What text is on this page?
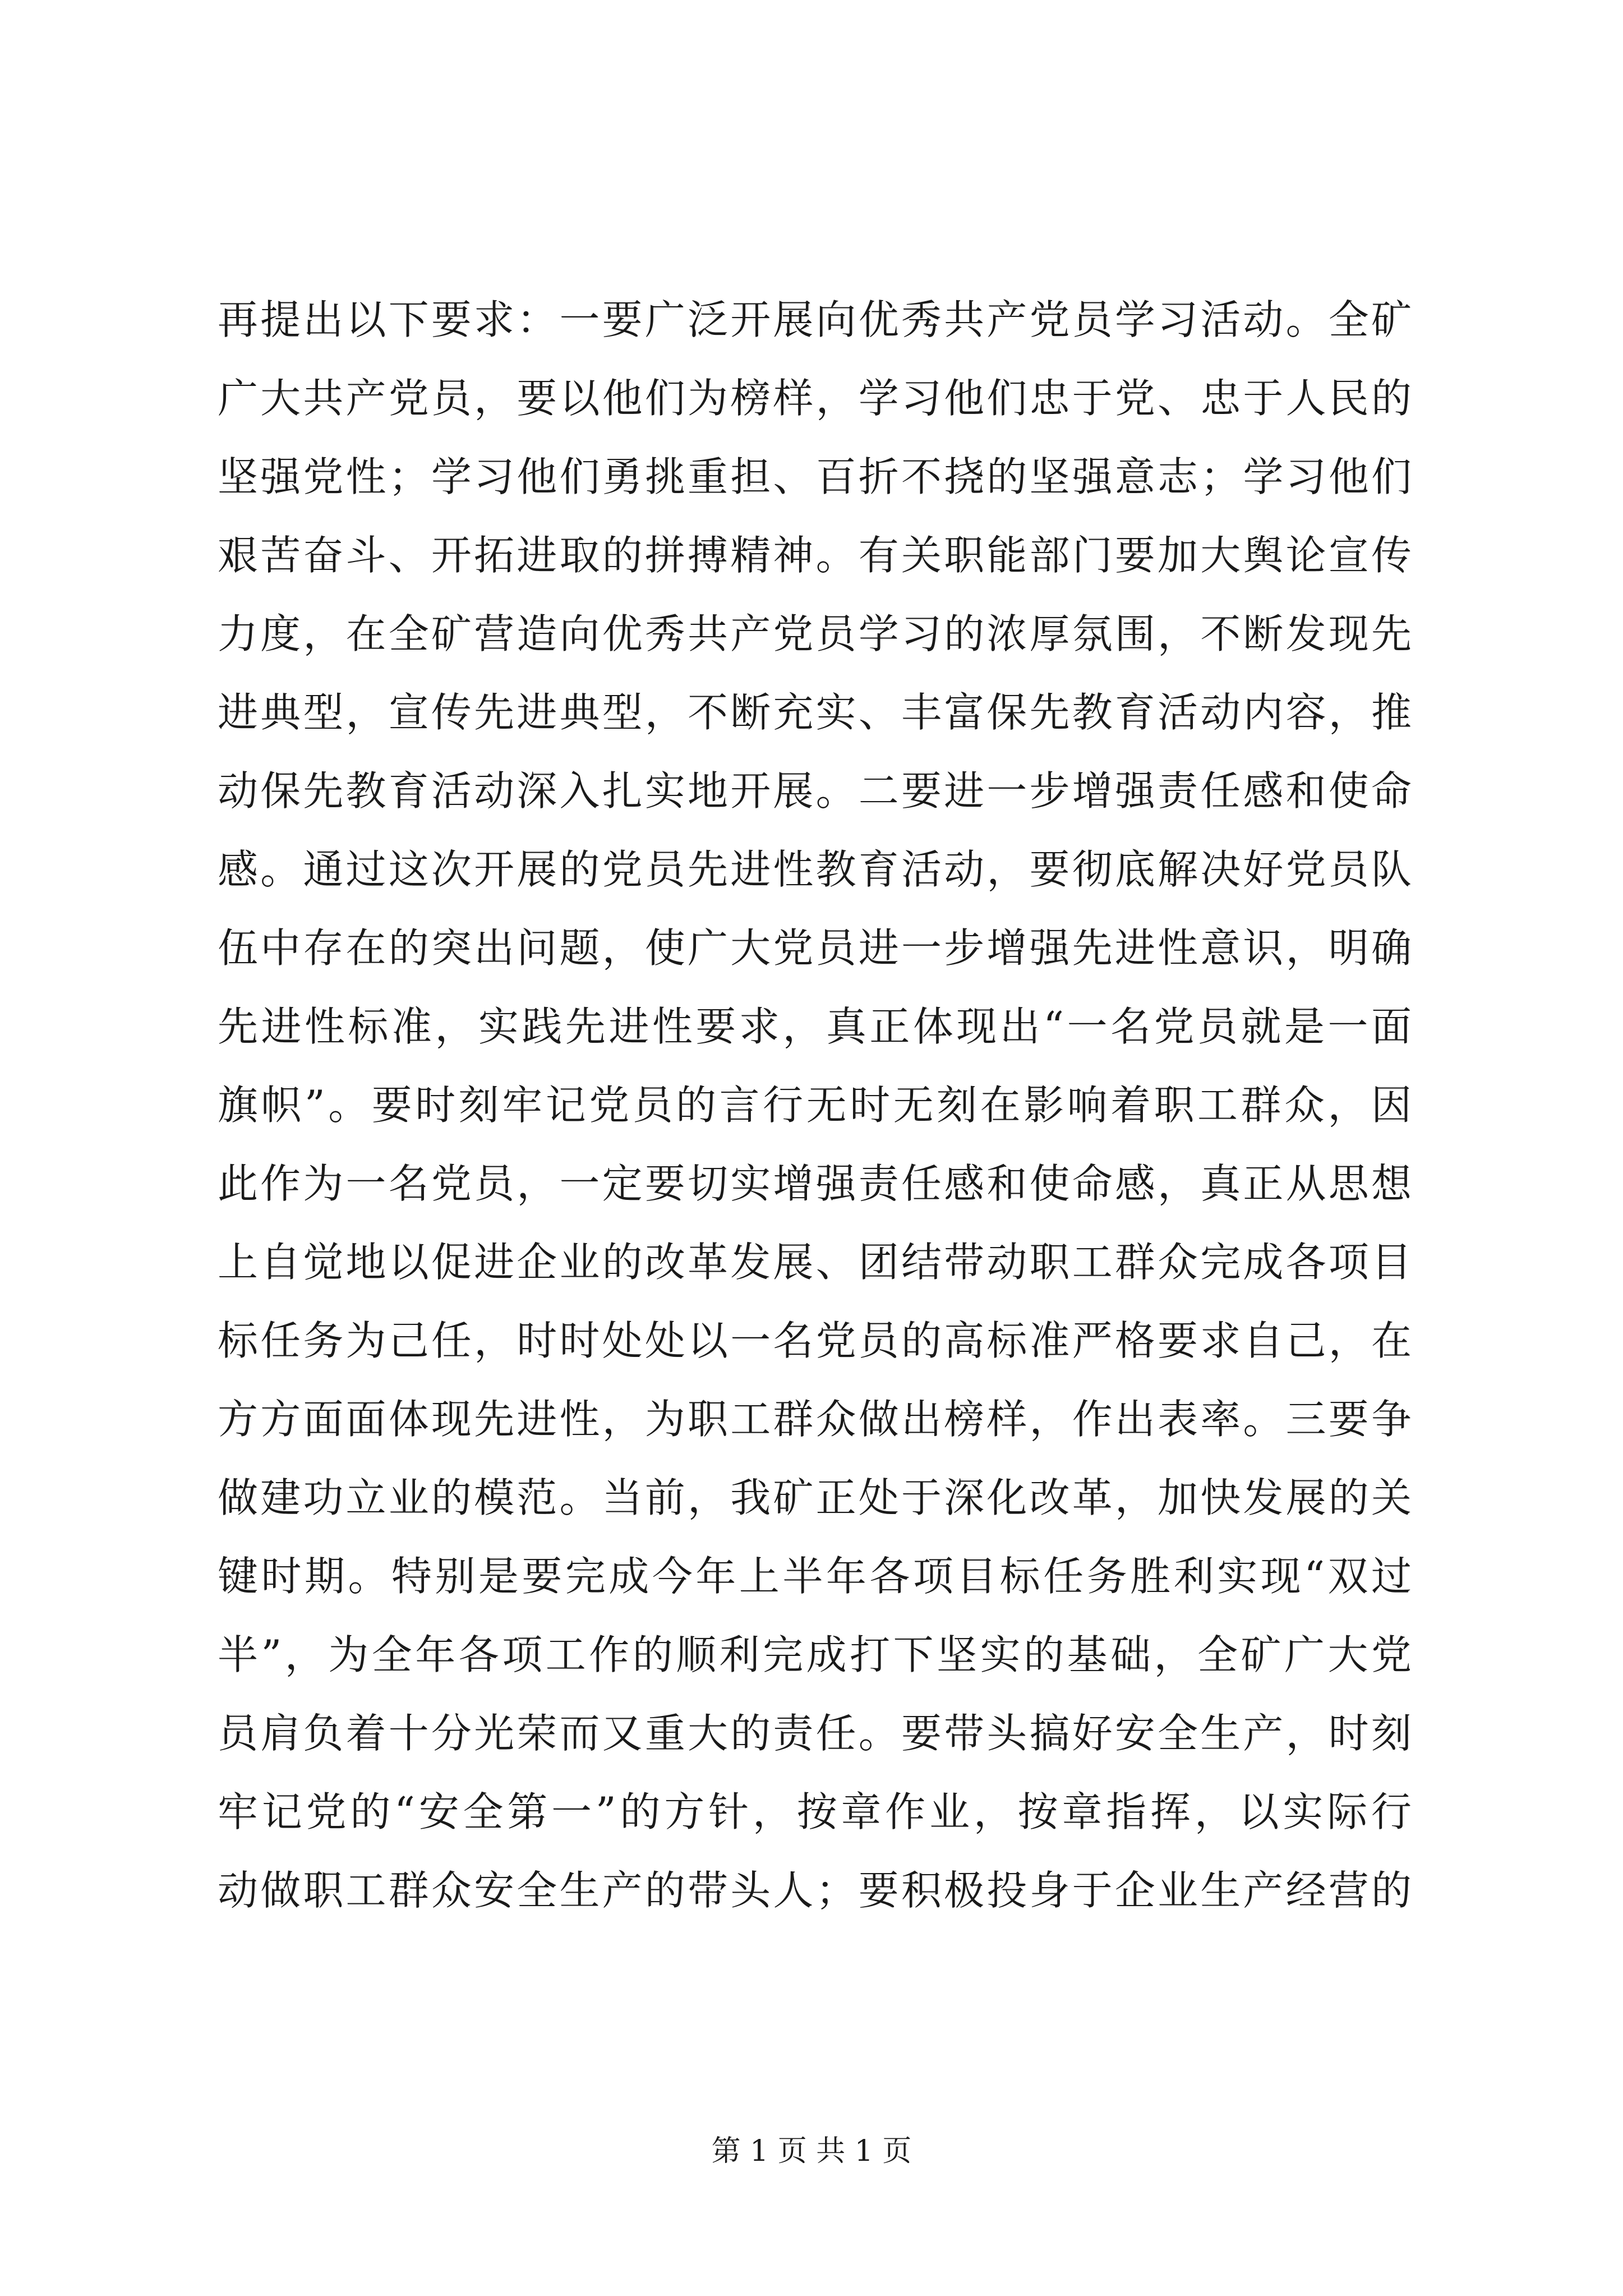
再提出以下要求：一要广泛开展向优秀共产党员学习活动。全矿
广大共产党员，要以他们为榜样，学习他们忠于党、忠于人民的
坚强党性；学习他们勇挑重担、百折不挠的坚强意志；学习他们
艰苦奋斗、开拓进取的拼搏精神。有关职能部门要加大舆论宣传
力度，在全矿营造向优秀共产党员学习的浓厚氛围，不断发现先
进典型，宣传先进典型，不断充实、丰富保先教育活动内容，推
动保先教育活动深入扎实地开展。二要进一步增强责任感和使命
感。通过这次开展的党员先进性教育活动，要彻底解决好党员队
伍中存在的突出问题，使广大党员进一步增强先进性意识，明确
先进性标准，实践先进性要求，真正体现出“一名党员就是一面
旗帜”。要时刻牢记党员的言行无时无刻在影响着职工群众，因
此作为一名党员，一定要切实增强责任感和使命感，真正从思想
上自觉地以促进企业的改革发展、团结带动职工群众完成各项目
标任务为己任，时时处处以一名党员的高标准严格要求自己，在
方方面面体现先进性，为职工群众做出榜样，作出表率。三要争
做建功立业的模范。当前，我矿正处于深化改革，加快发展的关
键时期。特别是要完成今年上半年各项目标任务胜利实现“双过
半”，为全年各项工作的顺利完成打下坚实的基础，全矿广大党
员肩负着十分光荣而又重大的责任。要带头搞好安全生产，时刻
牢记党的“安全第一”的方针，按章作业，按章指挥，以实际行
动做职工群众安全生产的带头人；要积极投身于企业生产经营的
第 1 页 共 1 页
